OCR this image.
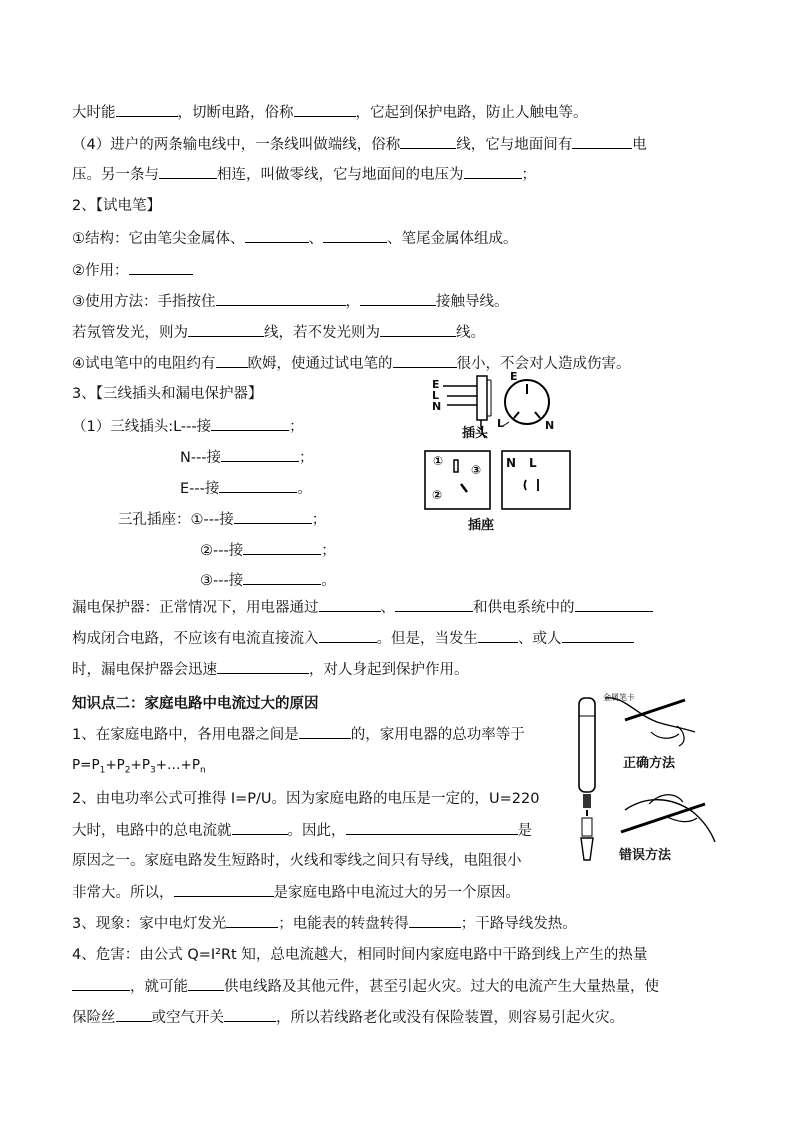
大时能	，切断电路，俗称	，它起到保护电路，防止人触电等。
（4）进户的两条输电线中，一条线叫做端线，俗称	线，它与地面间有	电
压。另一条与	相连，叫做零线，它与地面间的电压为	；
2、【试电笔】
①结构：它由笔尖金属体、	、	、笔尾金属体组成。
②作用：
③使用方法：手指按住	，	接触导线。
若氖管发光，则为	线，若不发光则为	线。
④试电笔中的电阻约有 欧姆，使通过试电笔的	很小，不会对人造成伤害。
3、【三线插头和漏电保护器】
（1）三线插头:L---接	；
N---接	；
E---接	。
三孔插座：①---接	；
②---接	；
③---接	。
漏电保护器：正常情况下，用电器通过	、	和供电系统中的
构成闭合电路，不应该有电流直接流入	。但是，当发生	、或人
时，漏电保护器会迅速	，对人身起到保护作用。
知识点二：家庭电路中电流过大的原因
1、在家庭电路中，各用电器之间是	的，家用电器的总功率等于
$P=P_1+P_2+P_3+\dots+P_n$
2、由电功率公式可推得 I=P/U。因为家庭电路的电压是一定的，U=220
大时，电路中的总电流就	。因此，	是
原因之一。家庭电路发生短路时，火线和零线之间只有导线，电阻很小
非常大。所以，	是家庭电路中电流过大的另一个原因。
3、现象：家中电灯发光	；电能表的转盘转得	；干路导线发热。
4、危害：由公式 Q=I²Rt 知，总电流越大，相同时间内家庭电路中干路到线上产生的热量
，就可能 供电线路及其他元件，甚至引起火灾。过大的电流产生大量热量，使
保险丝 或空气开关	，所以若线路老化或没有保险装置，则容易引起火灾。
E
L
N
E
L	N
插头
①
②
③ N L
插座
金属笔卡
正确方法
错误方法
